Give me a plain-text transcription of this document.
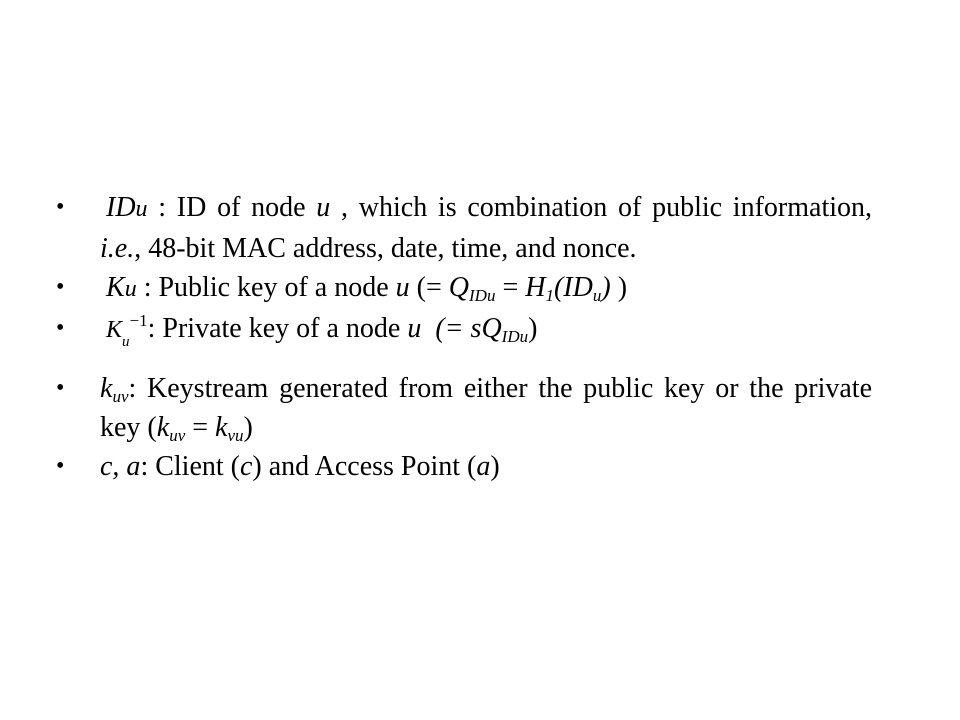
• IDu : ID of node u , which is combination of public information, i.e., 48-bit MAC address, date, time, and nonce.
• Ku : Public key of a node u (= $Q_{IDu} = H_1(ID_u)$ )
• $K_u^{-1}$: Private key of a node u  (= $sQ_{IDu}$)
• $k_{uv}$: Keystream generated from either the public key or the private key $(k_{uv} = k_{vu})$
• c, a: Client (c) and Access Point (a)
